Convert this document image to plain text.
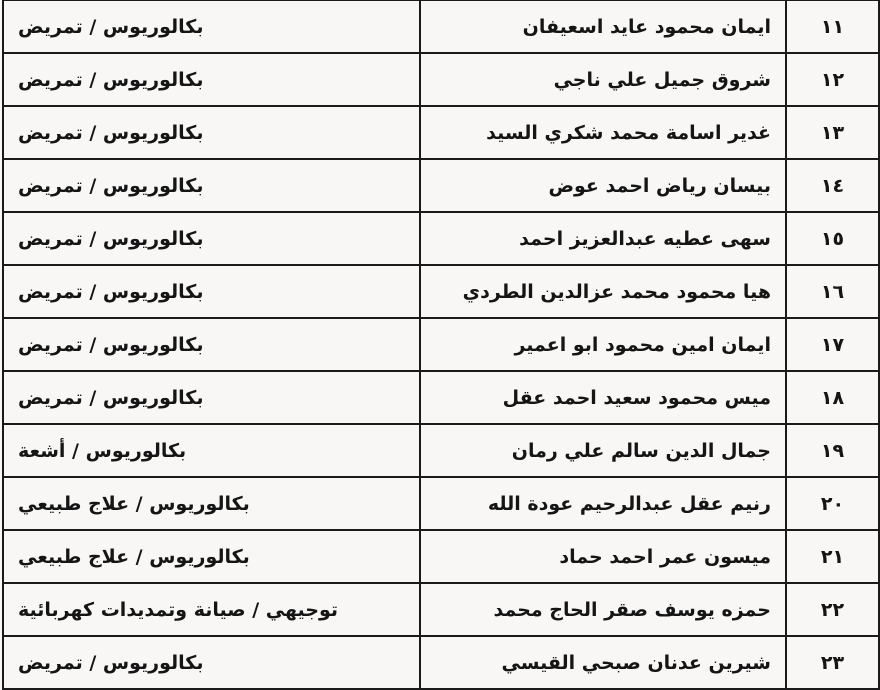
١١	ايمان محمود عايد اسعيفان	بكالوريوس / تمريض
١٢	شروق جميل علي ناجي	بكالوريوس / تمريض
١٣	غدير اسامة محمد شكري السيد	بكالوريوس / تمريض
١٤	بيسان رياض احمد عوض	بكالوريوس / تمريض
١٥	سهى عطيه عبدالعزيز احمد	بكالوريوس / تمريض
١٦	هيا محمود محمد عزالدين الطردي	بكالوريوس / تمريض
١٧	ايمان امين محمود ابو اعمير	بكالوريوس / تمريض
١٨	ميس محمود سعيد احمد عقل	بكالوريوس / تمريض
١٩	جمال الدين سالم علي رمان	بكالوريوس / أشعة
٢٠	رنيم عقل عبدالرحيم عودة الله	بكالوريوس / علاج طبيعي
٢١	ميسون عمر احمد حماد	بكالوريوس / علاج طبيعي
٢٢	حمزه يوسف صقر الحاج محمد	توجيهي / صيانة وتمديدات كهربائية
٢٣	شيرين عدنان صبحي القيسي	بكالوريوس / تمريض
